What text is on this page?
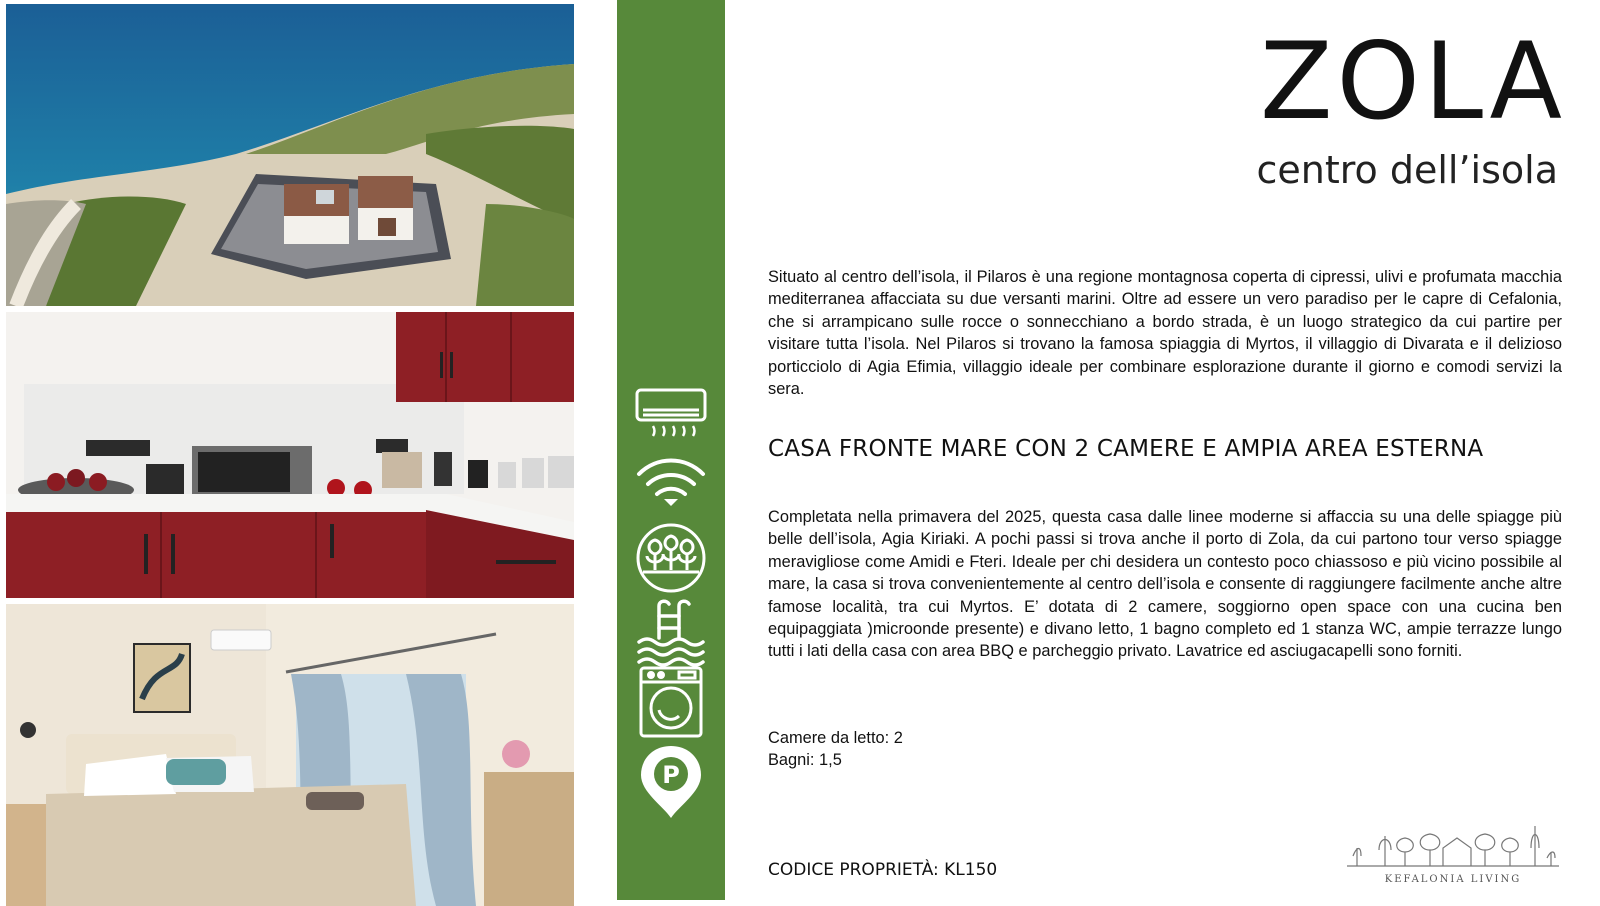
P
ZOLA
centro dell’isola

Situato al centro dell’isola, il Pilaros è una regione montagnosa coperta di cipressi, ulivi e profumata macchia mediterranea affacciata su due versanti marini. Oltre ad essere un vero paradiso per le capre di Cefalonia, che si arrampicano sulle rocce o sonnecchiano a bordo strada, è un luogo strategico da cui partire per visitare tutta l’isola. Nel Pilaros si trovano la famosa spiaggia di Myrtos, il villaggio di Divarata e il delizioso porticciolo di Agia Efimia, villaggio ideale per combinare esplorazione durante il giorno e comodi servizi la sera.

CASA FRONTE MARE CON 2 CAMERE E AMPIA AREA ESTERNA

Completata nella primavera del 2025, questa casa dalle linee moderne si affaccia su una delle spiagge più belle dell’isola, Agia Kiriaki. A pochi passi si trova anche il porto di Zola, da cui partono tour verso spiagge meravigliose come Amidi e Fteri. Ideale per chi desidera un contesto poco chiassoso e più vicino possibile al mare, la casa si trova convenientemente al centro dell’isola e consente di raggiungere facilmente anche altre famose località, tra cui Myrtos. E’ dotata di 2 camere, soggiorno open space con una cucina ben equipaggiata )microonde presente) e divano letto, 1 bagno completo ed 1 stanza WC, ampie terrazze lungo tutti i lati della casa con area BBQ e parcheggio privato. Lavatrice ed asciugacapelli sono forniti.

Camere da letto: 2
Bagni: 1,5
CODICE PROPRIETÀ: KL150	KEFALONIA LIVING
